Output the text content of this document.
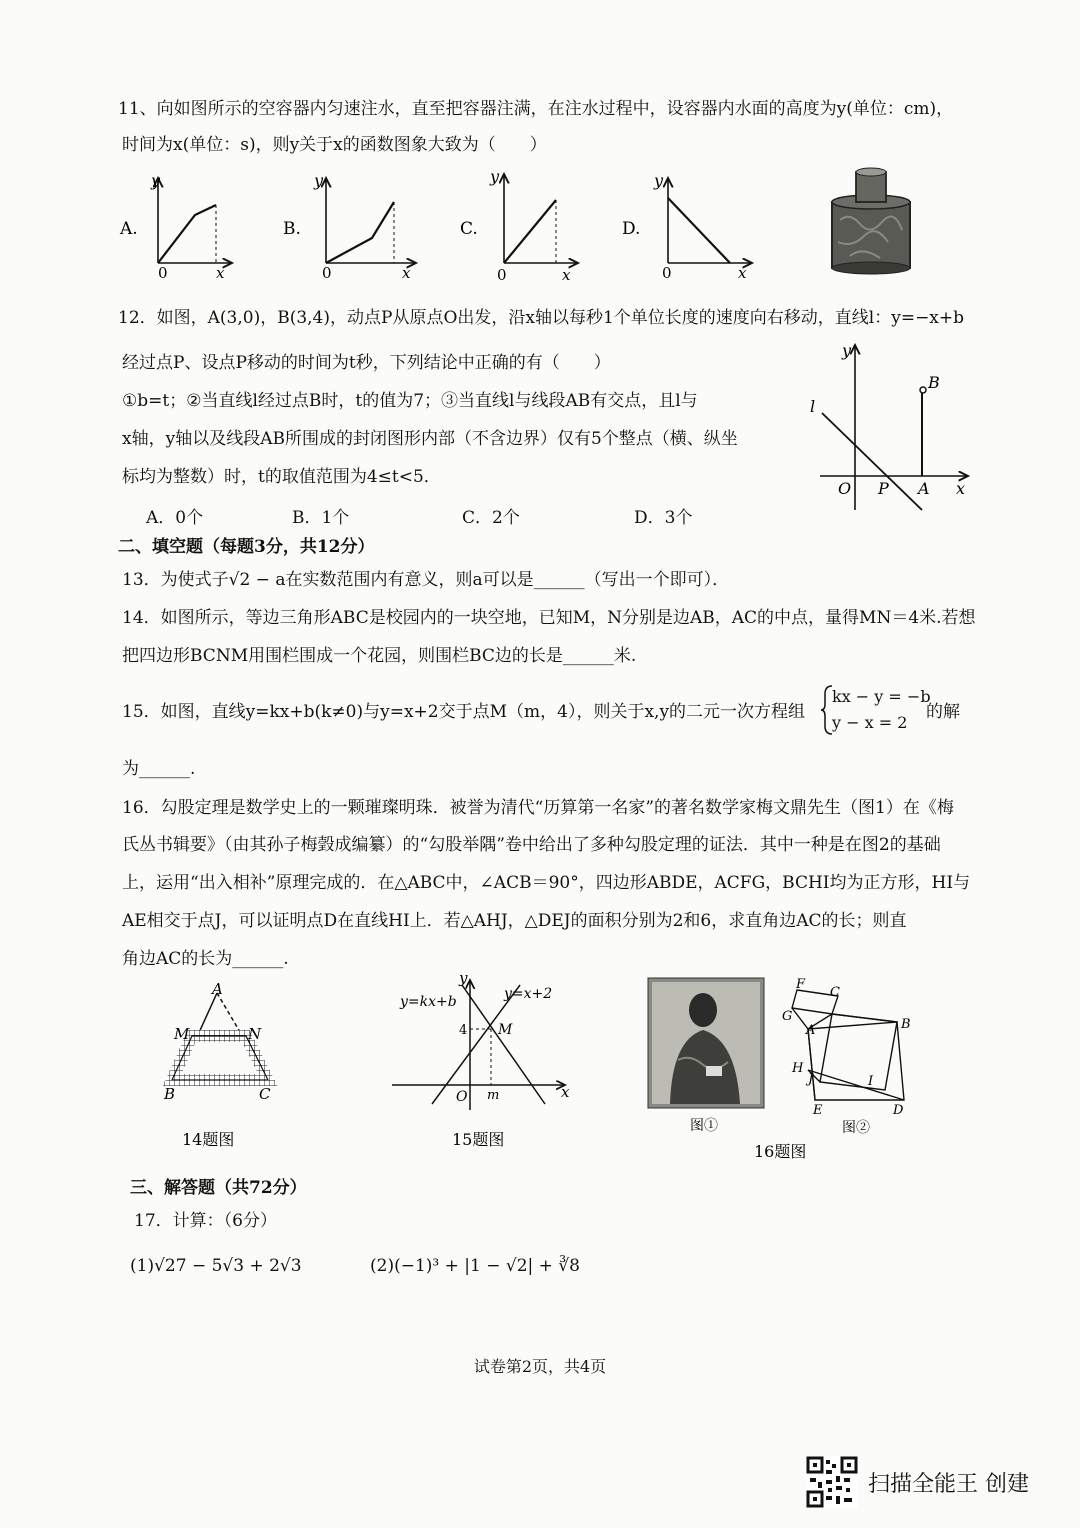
11、向如图所示的空容器内匀速注水，直至把容器注满，在注水过程中，设容器内水面的高度为y(单位：cm)，
时间为x(单位：s)，则y关于x的函数图象大致为（　　）
A.
y
0	x
B.
y
0	x
C.
y
0	x
D.
y
0	x
12．如图，A(3,0)，B(3,4)，动点P从原点O出发，沿x轴以每秒1个单位长度的速度向右移动，直线l：y=−x+b
经过点P、设点P移动的时间为t秒，下列结论中正确的有（　　）
①b=t；②当直线l经过点B时，t的值为7；③当直线l与线段AB有交点，且l与
x轴，y轴以及线段AB所围成的封闭图形内部（不含边界）仅有5个整点（横、纵坐
标均为整数）时，t的取值范围为4≤t<5．
A．0个	B．1个	C．2个	D．3个
y
B
l
O P A x
二、填空题（每题3分，共12分）
13．为使式子√2 − a在实数范围内有意义，则a可以是______（写出一个即可）．
14．如图所示，等边三角形ABC是校园内的一块空地，已知M，N分别是边AB，AC的中点，量得MN＝4米.若想
把四边形BCNM用围栏围成一个花园，则围栏BC边的长是______米.
15．如图，直线y=kx+b(k≠0)与y=x+2交于点M（m，4），则关于x,y的二元一次方程组
kx − y = −b
y − x = 2
的解
为______.
16．勾股定理是数学史上的一颗璀璨明珠．被誉为清代“历算第一名家”的著名数学家梅文鼎先生（图1）在《梅
氏丛书辑要》（由其孙子梅瑴成编纂）的“勾股举隅”卷中给出了多种勾股定理的证法．其中一种是在图2的基础
上，运用“出入相补”原理完成的．在△ABC中，∠ACB＝90°，四边形ABDE，ACFG，BCHI均为正方形，HI与
AE相交于点J，可以证明点D在直线HI上．若△AHJ，△DEJ的面积分别为2和6，求直角边AC的长；则直
角边AC的长为______.
A
M	N
B	C
14题图
y
x
O m
4 M
y=kx+b	y=x+2
15题图
图①
F
C
G
A	B
H
J	I
E	D
图②
16题图
三、解答题（共72分）
17．计算：（6分）
(1)√27 − 5√3 + 2√3	(2)(−1)³ + |1 − √2| + ∛8
试卷第2页，共4页
扫描全能王 创建
